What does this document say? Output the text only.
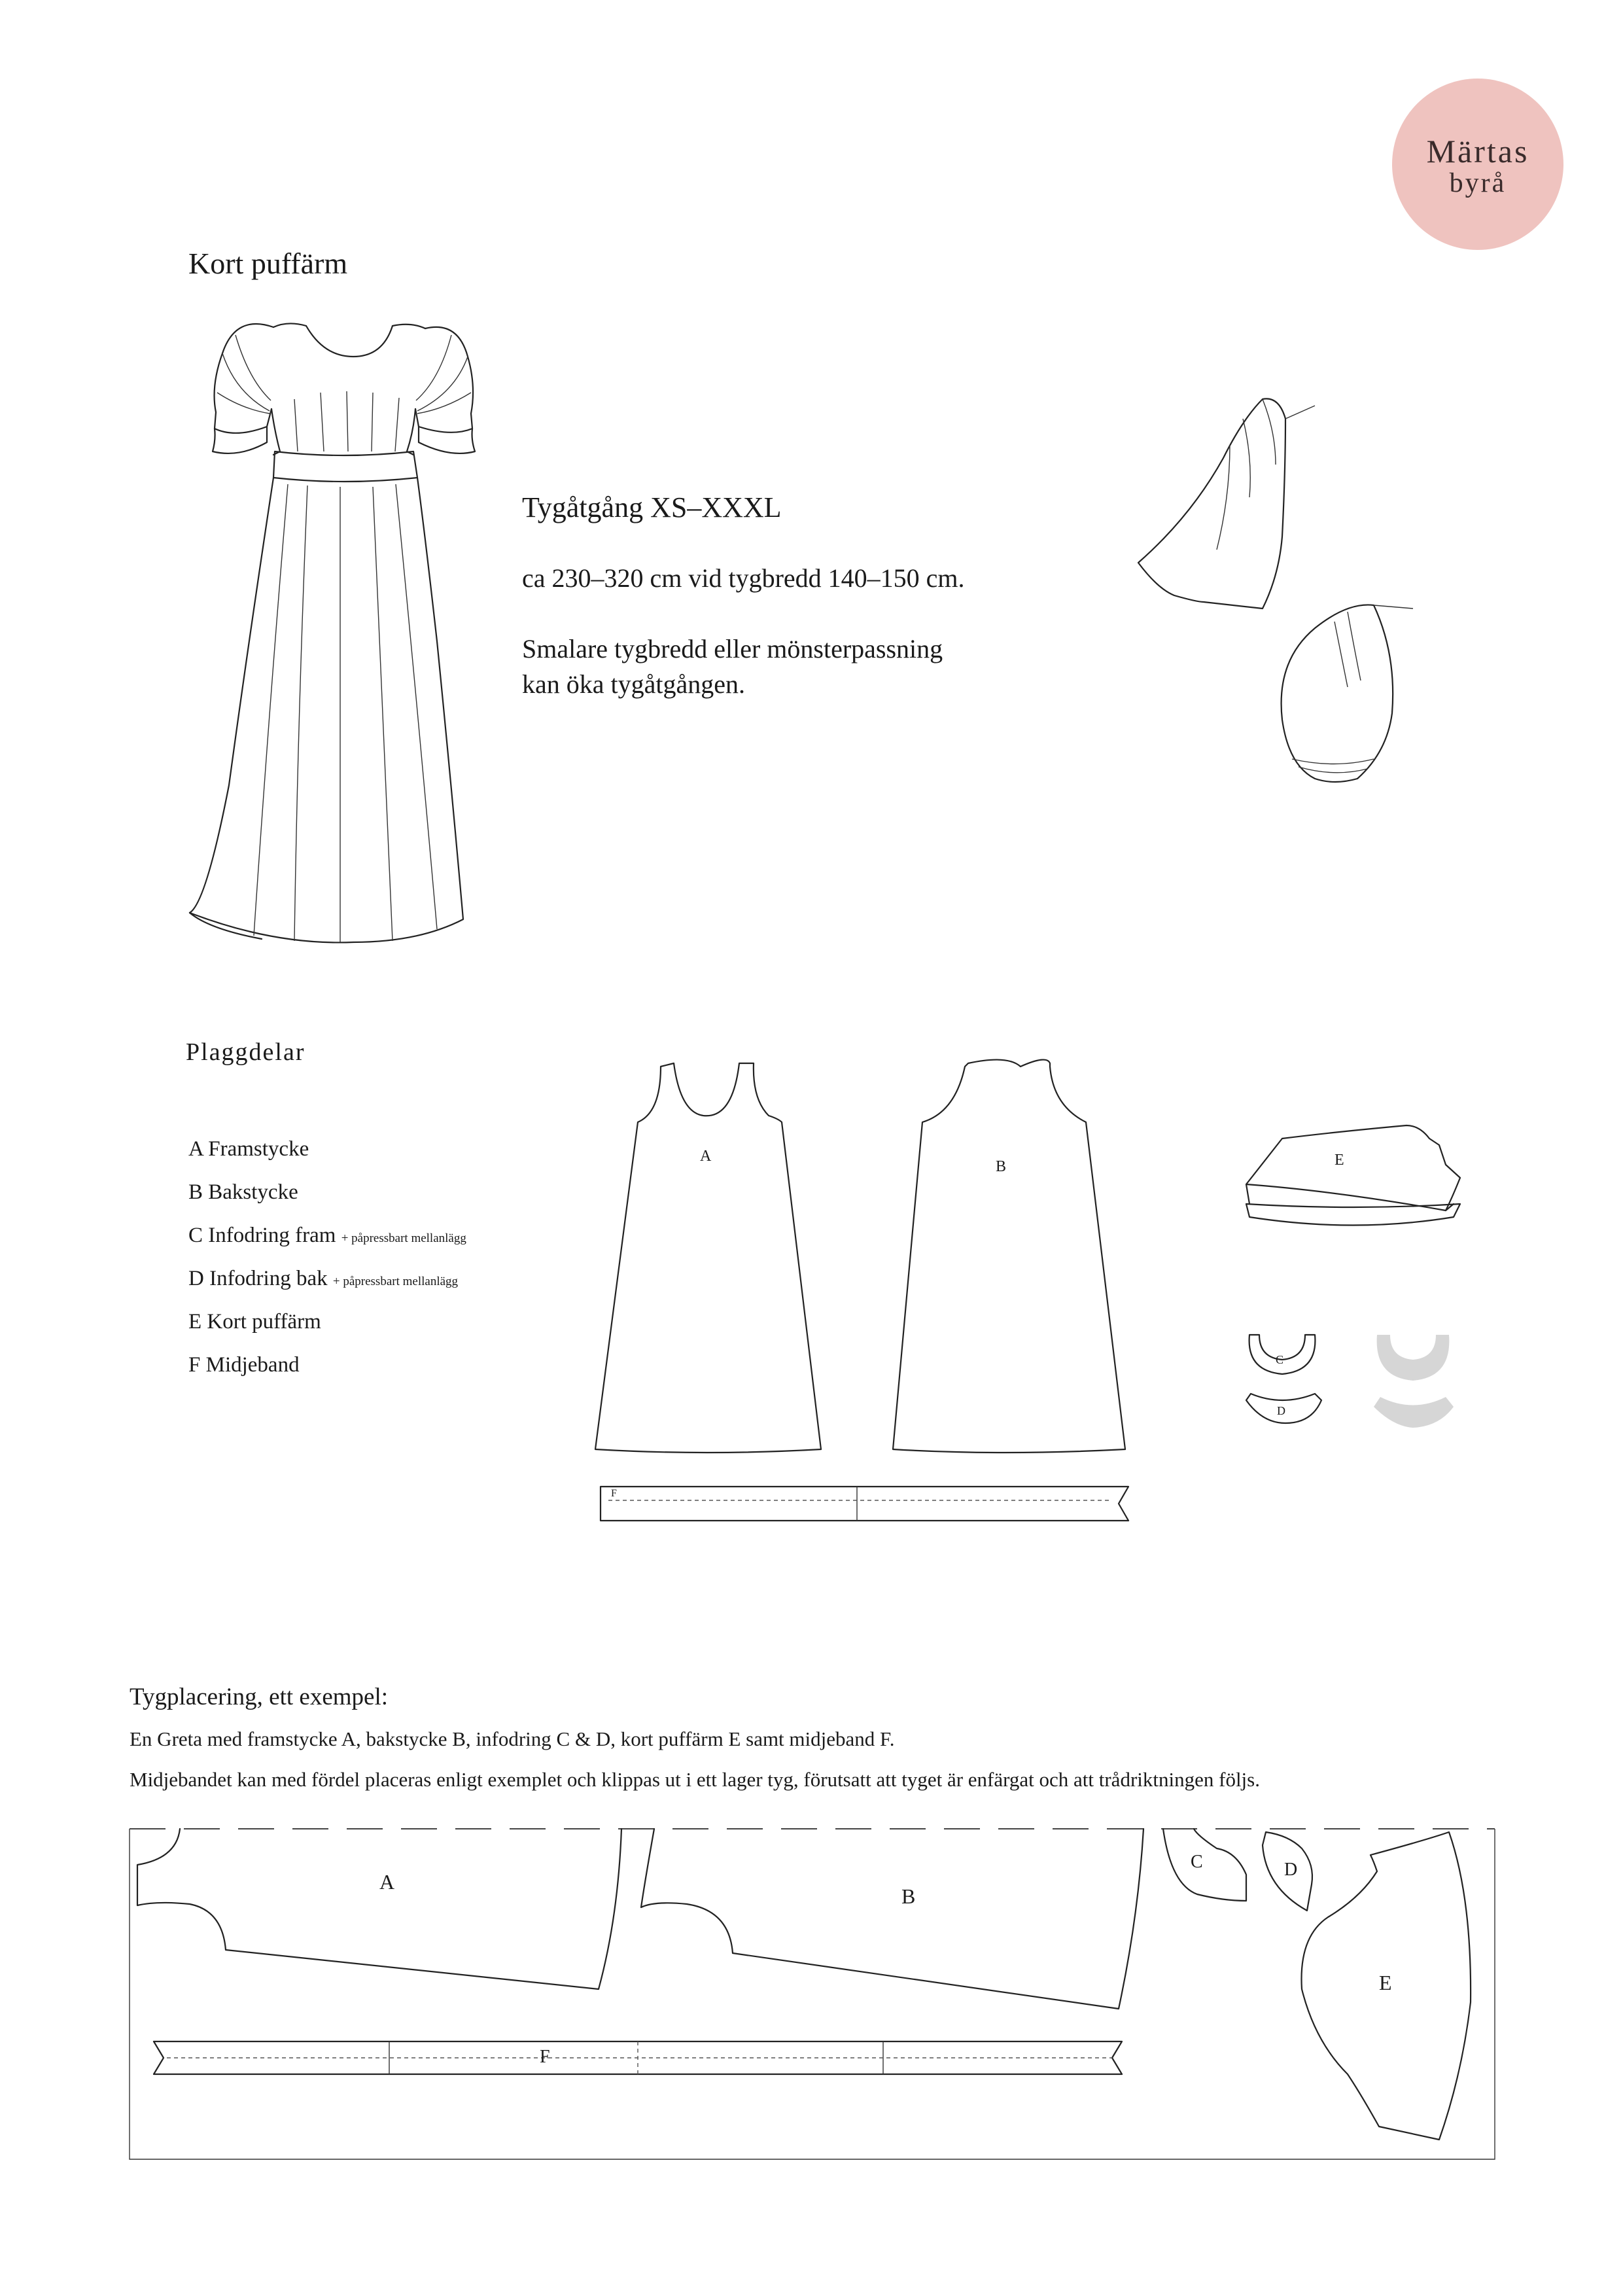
Märtas
byrå
Kort puffärm
Tygåtgång XS–XXXL
ca 230–320 cm vid tygbredd 140–150 cm.
Smalare tygbredd eller mönsterpassning
kan öka tygåtgången.
Plaggdelar
A Framstycke
B Bakstycke
C Infodring fram + påpressbart mellanlägg
D Infodring bak + påpressbart mellanlägg
E Kort puffärm
F Midjeband
A
B	E
C
D
F
Tygplacering, ett exempel:
En Greta med framstycke A, bakstycke B, infodring C & D, kort puffärm E samt midjeband F.
Midjebandet kan med fördel placeras enligt exemplet och klippas ut i ett lager tyg, förutsatt att tyget är enfärgat och att trådriktningen följs.
A
B
C	D
E
F
